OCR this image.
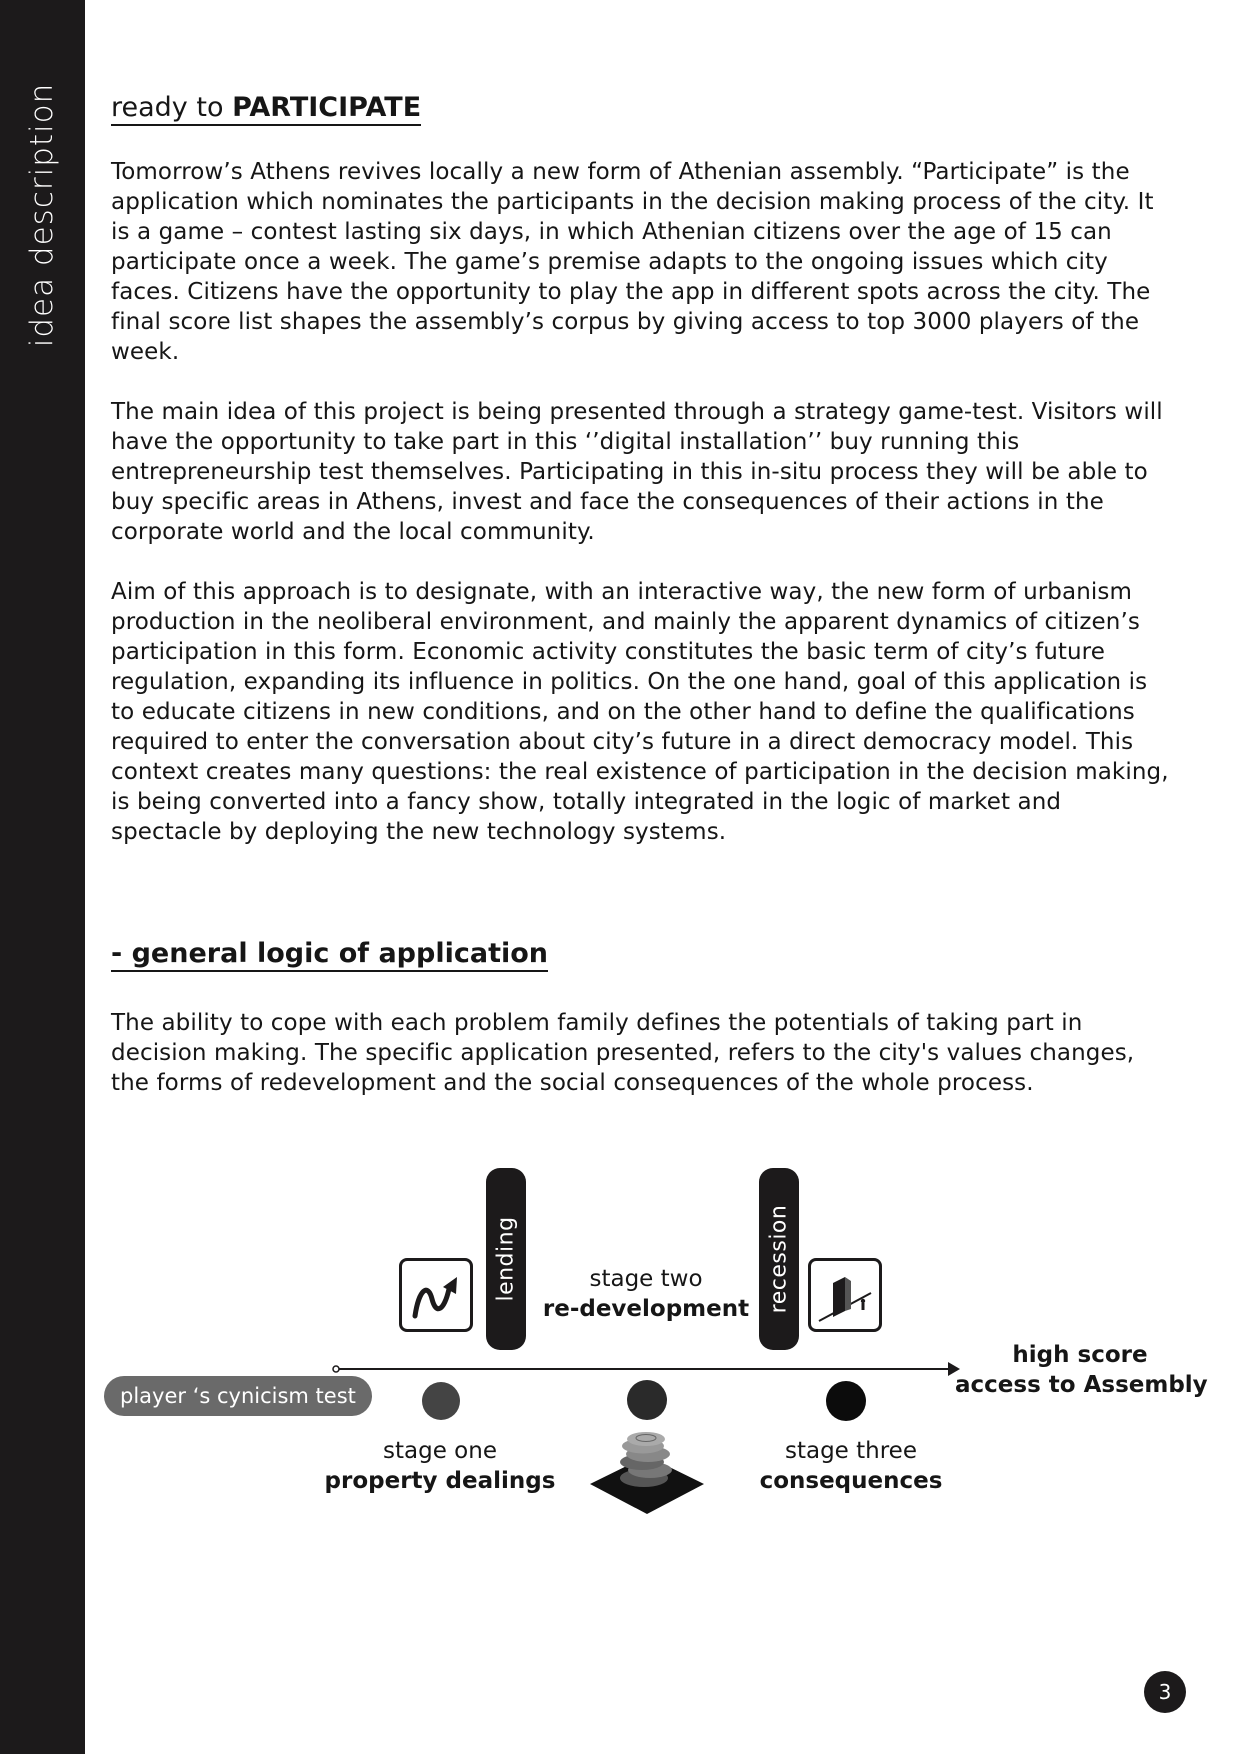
idea description ready to PARTICIPATE

Tomorrow’s Athens revives locally a new form of Athenian assembly. “Participate” is the application which nominates the participants in the decision making process of the city. It is a game – contest lasting six days, in which Athenian citizens over the age of 15 can participate once a week. The game’s premise adapts to the ongoing issues which city faces. Citizens have the opportunity to play the app in different spots across the city. The final score list shapes the assembly’s corpus by giving access to top 3000 players of the week.

The main idea of this project is being presented through a strategy game-test. Visitors will have the opportunity to take part in this ‘’digital installation’’ buy running this entrepreneurship test themselves. Participating in this in-situ process they will be able to buy specific areas in Athens, invest and face the consequences of their actions in the corporate world and the local community.

Aim of this approach is to designate, with an interactive way, the new form of urbanism production in the neoliberal environment, and mainly the apparent dynamics of citizen’s participation in this form. Economic activity constitutes the basic term of city’s future regulation, expanding its influence in politics. On the one hand, goal of this application is to educate citizens in new conditions, and on the other hand to define the qualifications required to enter the conversation about city’s future in a direct democracy model. This context creates many questions: the real existence of participation in the decision making, is being converted into a fancy show, totally integrated in the logic of market and spectacle by deploying the new technology systems.

- general logic of application

The ability to cope with each problem family defines the potentials of taking part in decision making. The specific application presented, refers to the city's values changes, the forms of redevelopment and the social consequences of the whole process.

player ‘s cynicism test
lending	stage two
re-development recession
stage one
property dealings
stage three
consequences
high score
access to Assembly
3
